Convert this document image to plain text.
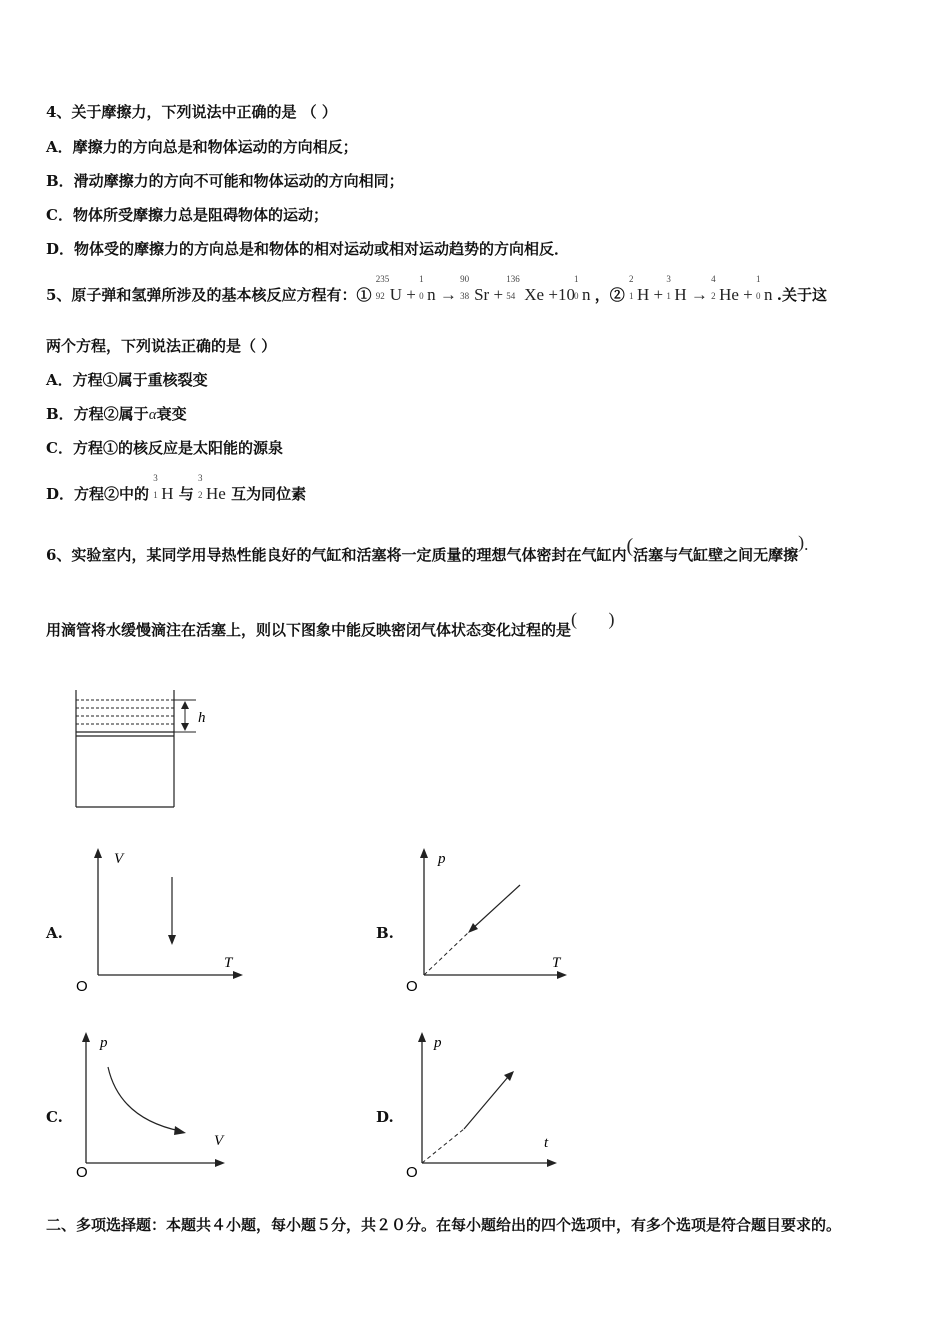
4、关于摩擦力，下列说法中正确的是 （ ）
A．摩擦力的方向总是和物体运动的方向相反；
B．滑动摩擦力的方向不可能和物体运动的方向相同；
C．物体所受摩擦力总是阻碍物体的运动；
D．物体受的摩擦力的方向总是和物体的相对运动或相对运动趋势的方向相反．
5、原子弹和氢弹所涉及的基本核反应方程有：①
235
92 U +
1
0 n →
90
38 Sr +
136
54 Xe +10
1
0 n ，②
2
1 H +
3
1 H →
4
2 He +
1
0 n .关于这
两个方程，下列说法正确的是（ ）
A．方程①属于重核裂变
B．方程②属于α衰变
C．方程①的核反应是太阳能的源泉
D．方程②中的
3
1 H 与
3
2 He 互为同位素
6、实验室内，某同学用导热性能良好的气缸和活塞将一定质量的理想气体密封在气缸内(活塞与气缸壁之间无摩擦).
用滴管将水缓慢滴注在活塞上，则以下图象中能反映密闭气体状态变化过程的是(       )
h
A.
V
T
O
B.
p
T
O
C.
p
V
O
D.
p
t
O
二、多项选择题：本题共４小题，每小题５分，共２０分。在每小题给出的四个选项中，有多个选项是符合题目要求的。
